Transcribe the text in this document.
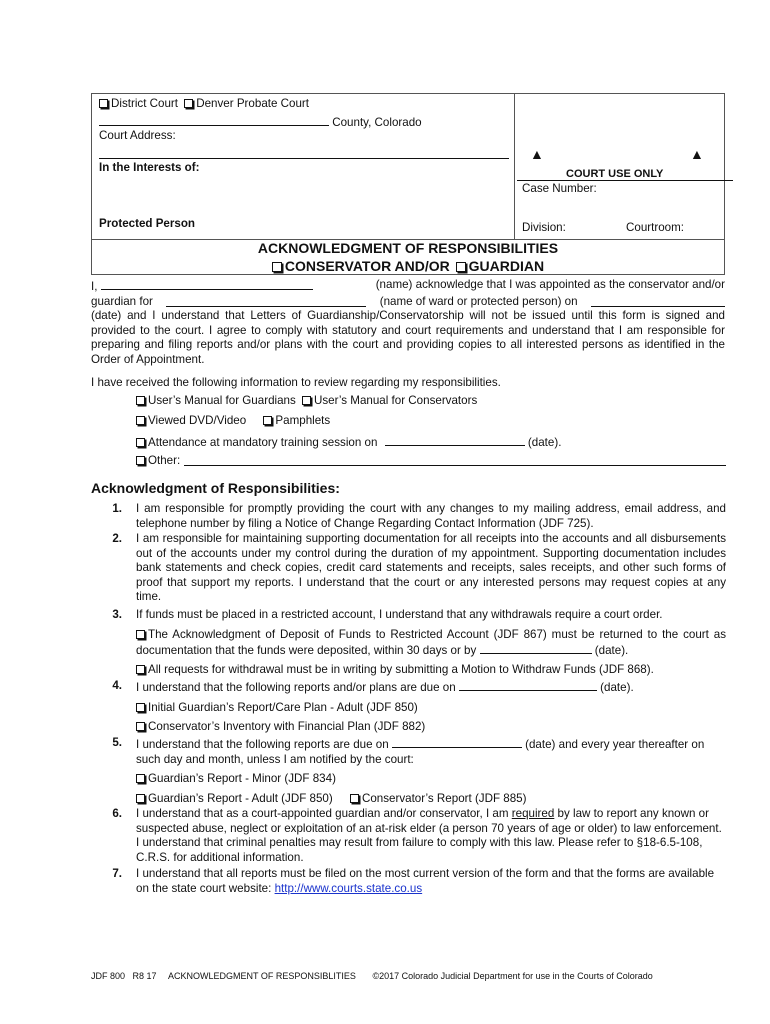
District Court Denver Probate Court
County, Colorado
Court Address:
In the Interests of:
Protected Person
▲	▲
COURT USE ONLY
Case Number:
Division:	Courtroom:
ACKNOWLEDGMENT OF RESPONSIBILITIES
CONSERVATOR AND/OR GUARDIAN
I,	(name) acknowledge that I was appointed as the conservator and/or
guardian for	(name of ward or protected person) on
(date) and I understand that Letters of Guardianship/Conservatorship will not be issued until this form is signed and provided to the court. I agree to comply with statutory and court requirements and understand that I am responsible for preparing and filing reports and/or plans with the court and providing copies to all interested persons as identified in the Order of Appointment.
I have received the following information to review regarding my responsibilities.
User’s Manual for Guardians User’s Manual for Conservators
Viewed DVD/Video	Pamphlets
Attendance at mandatory training session on	(date).
Other:
Acknowledgment of Responsibilities:
1. I am responsible for promptly providing the court with any changes to my mailing address, email address, and telephone number by filing a Notice of Change Regarding Contact Information (JDF 725).
2. I am responsible for maintaining supporting documentation for all receipts into the accounts and all disbursements out of the accounts under my control during the duration of my appointment. Supporting documentation includes bank statements and check copies, credit card statements and receipts, sales receipts, and other such forms of proof that support my reports. I understand that the court or any interested persons may request copies at any time.
3. If funds must be placed in a restricted account, I understand that any withdrawals require a court order.
The Acknowledgment of Deposit of Funds to Restricted Account (JDF 867) must be returned to the court as documentation that the funds were deposited, within 30 days or by	(date).
All requests for withdrawal must be in writing by submitting a Motion to Withdraw Funds (JDF 868).
4. I understand that the following reports and/or plans are due on	(date).
Initial Guardian’s Report/Care Plan - Adult (JDF 850)
Conservator’s Inventory with Financial Plan (JDF 882)
5. I understand that the following reports are due on	(date) and every year thereafter on such day and month, unless I am notified by the court:
Guardian’s Report - Minor (JDF 834)
Guardian’s Report - Adult (JDF 850)	Conservator’s Report (JDF 885)
6. I understand that as a court-appointed guardian and/or conservator, I am required by law to report any known or suspected abuse, neglect or exploitation of an at-risk elder (a person 70 years of age or older) to law enforcement. I understand that criminal penalties may result from failure to comply with this law. Please refer to §18-6.5-108, C.R.S. for additional information.
7. I understand that all reports must be filed on the most current version of the form and that the forms are available on the state court website: http://www.courts.state.co.us
JDF 800   R8 17 ACKNOWLEDGMENT OF RESPONSIBLITIES ©2017 Colorado Judicial Department for use in the Courts of Colorado
